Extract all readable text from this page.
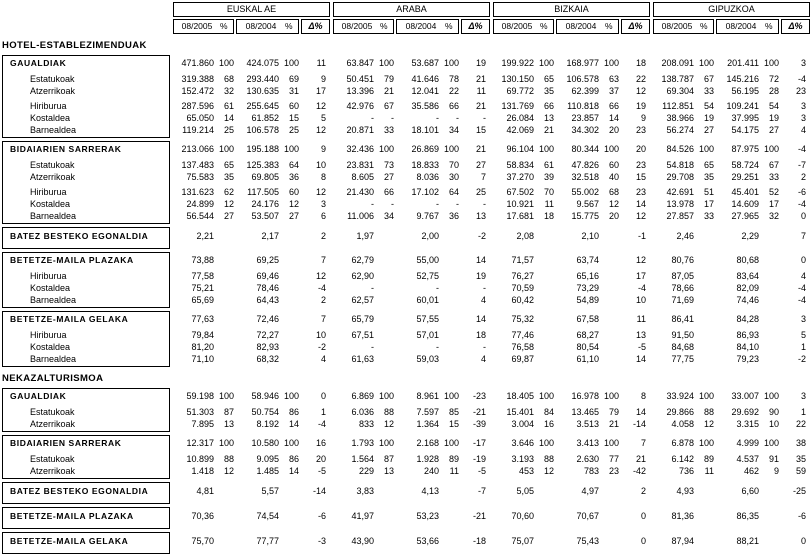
EUSKAL AE	ARABA	BIZKAIA	GIPUZKOA
08/2005 %	08/2004	%	Δ%	08/2005 %	08/2004	%	Δ%	08/2005 %	08/2004	%	Δ%	08/2005 %	08/2004	%	Δ%
HOTEL-ESTABLEZIMENDUAK
GAUALDIAK	471.860 100	424.075 100	11	63.847 100	53.687 100	19	199.922 100	168.977 100	18	208.091 100	201.411 100	3
Estatukoak	319.388	68	293.440	69	9	50.451	79	41.646	78	21	130.150	65	106.578	63	22	138.787	67	145.216	72	-4
Atzerrikoak	152.472	32	130.635	31	17	13.396	21	12.041	22	11	69.772	35	62.399	37	12	69.304	33	56.195	28	23
Hiriburua	287.596	61	255.645	60	12	42.976	67	35.586	66	21	131.769	66	110.818	66	19	112.851	54	109.241	54	3
Kostaldea	65.050	14	61.852	15	5	-	-	-	-	-	26.084	13	23.857	14	9	38.966	19	37.995	19	3
Barnealdea	119.214	25	106.578	25	12	20.871	33	18.101	34	15	42.069	21	34.302	20	23	56.274	27	54.175	27	4
BIDAIARIEN SARRERAK	213.066 100	195.188 100	9	32.436 100	26.869 100	21	96.104 100	80.344 100	20	84.526 100	87.975 100	-4
Estatukoak	137.483	65	125.383	64	10	23.831	73	18.833	70	27	58.834	61	47.826	60	23	54.818	65	58.724	67	-7
Atzerrikoak	75.583	35	69.805	36	8	8.605	27	8.036	30	7	37.270	39	32.518	40	15	29.708	35	29.251	33	2
Hiriburua	131.623	62	117.505	60	12	21.430	66	17.102	64	25	67.502	70	55.002	68	23	42.691	51	45.401	52	-6
Kostaldea	24.899	12	24.176	12	3	-	-	-	-	-	10.921	11	9.567	12	14	13.978	17	14.609	17	-4
Barnealdea	56.544	27	53.507	27	6	11.006	34	9.767	36	13	17.681	18	15.775	20	12	27.857	33	27.965	32	0
BATEZ BESTEKO EGONALDIA	2,21	2,17	2	1,97	2,00	-2	2,08	2,10	-1	2,46	2,29	7
BETETZE-MAILA PLAZAKA	73,88	69,25	7	62,79	55,00	14	71,57	63,74	12	80,76	80,68	0
Hiriburua	77,58	69,46	12	62,90	52,75	19	76,27	65,16	17	87,05	83,64	4
Kostaldea	75,21	78,46	-4	-	-	-	70,59	73,29	-4	78,66	82,09	-4
Barnealdea	65,69	64,43	2	62,57	60,01	4	60,42	54,89	10	71,69	74,46	-4
BETETZE-MAILA GELAKA	77,63	72,46	7	65,79	57,55	14	75,32	67,58	11	86,41	84,28	3
Hiriburua	79,84	72,27	10	67,51	57,01	18	77,46	68,27	13	91,50	86,93	5
Kostaldea	81,20	82,93	-2	-	-	-	76,58	80,54	-5	84,68	84,10	1
Barnealdea	71,10	68,32	4	61,63	59,03	4	69,87	61,10	14	77,75	79,23	-2
NEKAZALTURISMOA
GAUALDIAK	59.198 100	58.946 100	0	6.869 100	8.961 100	-23	18.405 100	16.978 100	8	33.924 100	33.007 100	3
Estatukoak	51.303	87	50.754	86	1	6.036	88	7.597	85	-21	15.401	84	13.465	79	14	29.866	88	29.692	90	1
Atzerrikoak	7.895	13	8.192	14	-4	833	12	1.364	15	-39	3.004	16	3.513	21	-14	4.058	12	3.315	10	22
BIDAIARIEN SARRERAK	12.317 100	10.580 100	16	1.793 100	2.168 100	-17	3.646 100	3.413 100	7	6.878 100	4.999 100	38
Estatukoak	10.899	88	9.095	86	20	1.564	87	1.928	89	-19	3.193	88	2.630	77	21	6.142	89	4.537	91	35
Atzerrikoak	1.418	12	1.485	14	-5	229	13	240	11	-5	453	12	783	23	-42	736	11	462	9	59
BATEZ BESTEKO EGONALDIA	4,81	5,57	-14	3,83	4,13	-7	5,05	4,97	2	4,93	6,60	-25
BETETZE-MAILA PLAZAKA	70,36	74,54	-6	41,97	53,23	-21	70,60	70,67	0	81,36	86,35	-6
BETETZE-MAILA GELAKA	75,70	77,77	-3	43,90	53,66	-18	75,07	75,43	0	87,94	88,21	0
